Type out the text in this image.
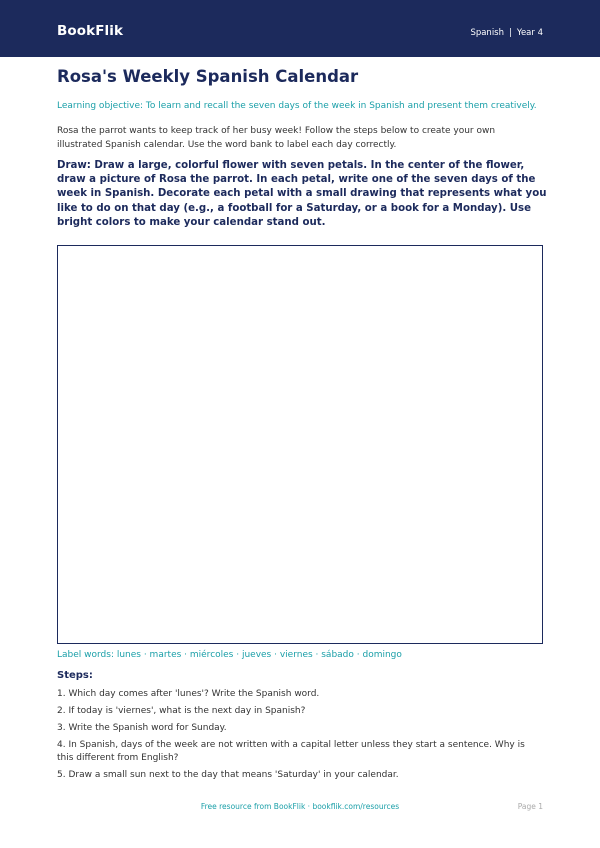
BookFlik	Spanish | Year 4
Rosa's Weekly Spanish Calendar

Learning objective: To learn and recall the seven days of the week in Spanish and present them creatively.

Rosa the parrot wants to keep track of her busy week! Follow the steps below to create your own illustrated Spanish calendar. Use the word bank to label each day correctly.

Draw: Draw a large, colorful flower with seven petals. In the center of the flower, draw a picture of Rosa the parrot. In each petal, write one of the seven days of the week in Spanish. Decorate each petal with a small drawing that represents what you like to do on that day (e.g., a football for a Saturday, or a book for a Monday). Use bright colors to make your calendar stand out.

Label words: lunes · martes · miércoles · jueves · viernes · sábado · domingo

Steps:
1. Which day comes after 'lunes'? Write the Spanish word.
2. If today is 'viernes', what is the next day in Spanish?
3. Write the Spanish word for Sunday.
4. In Spanish, days of the week are not written with a capital letter unless they start a sentence. Why is this different from English?
5. Draw a small sun next to the day that means 'Saturday' in your calendar.
Free resource from BookFlik · bookflik.com/resources	Page 1
